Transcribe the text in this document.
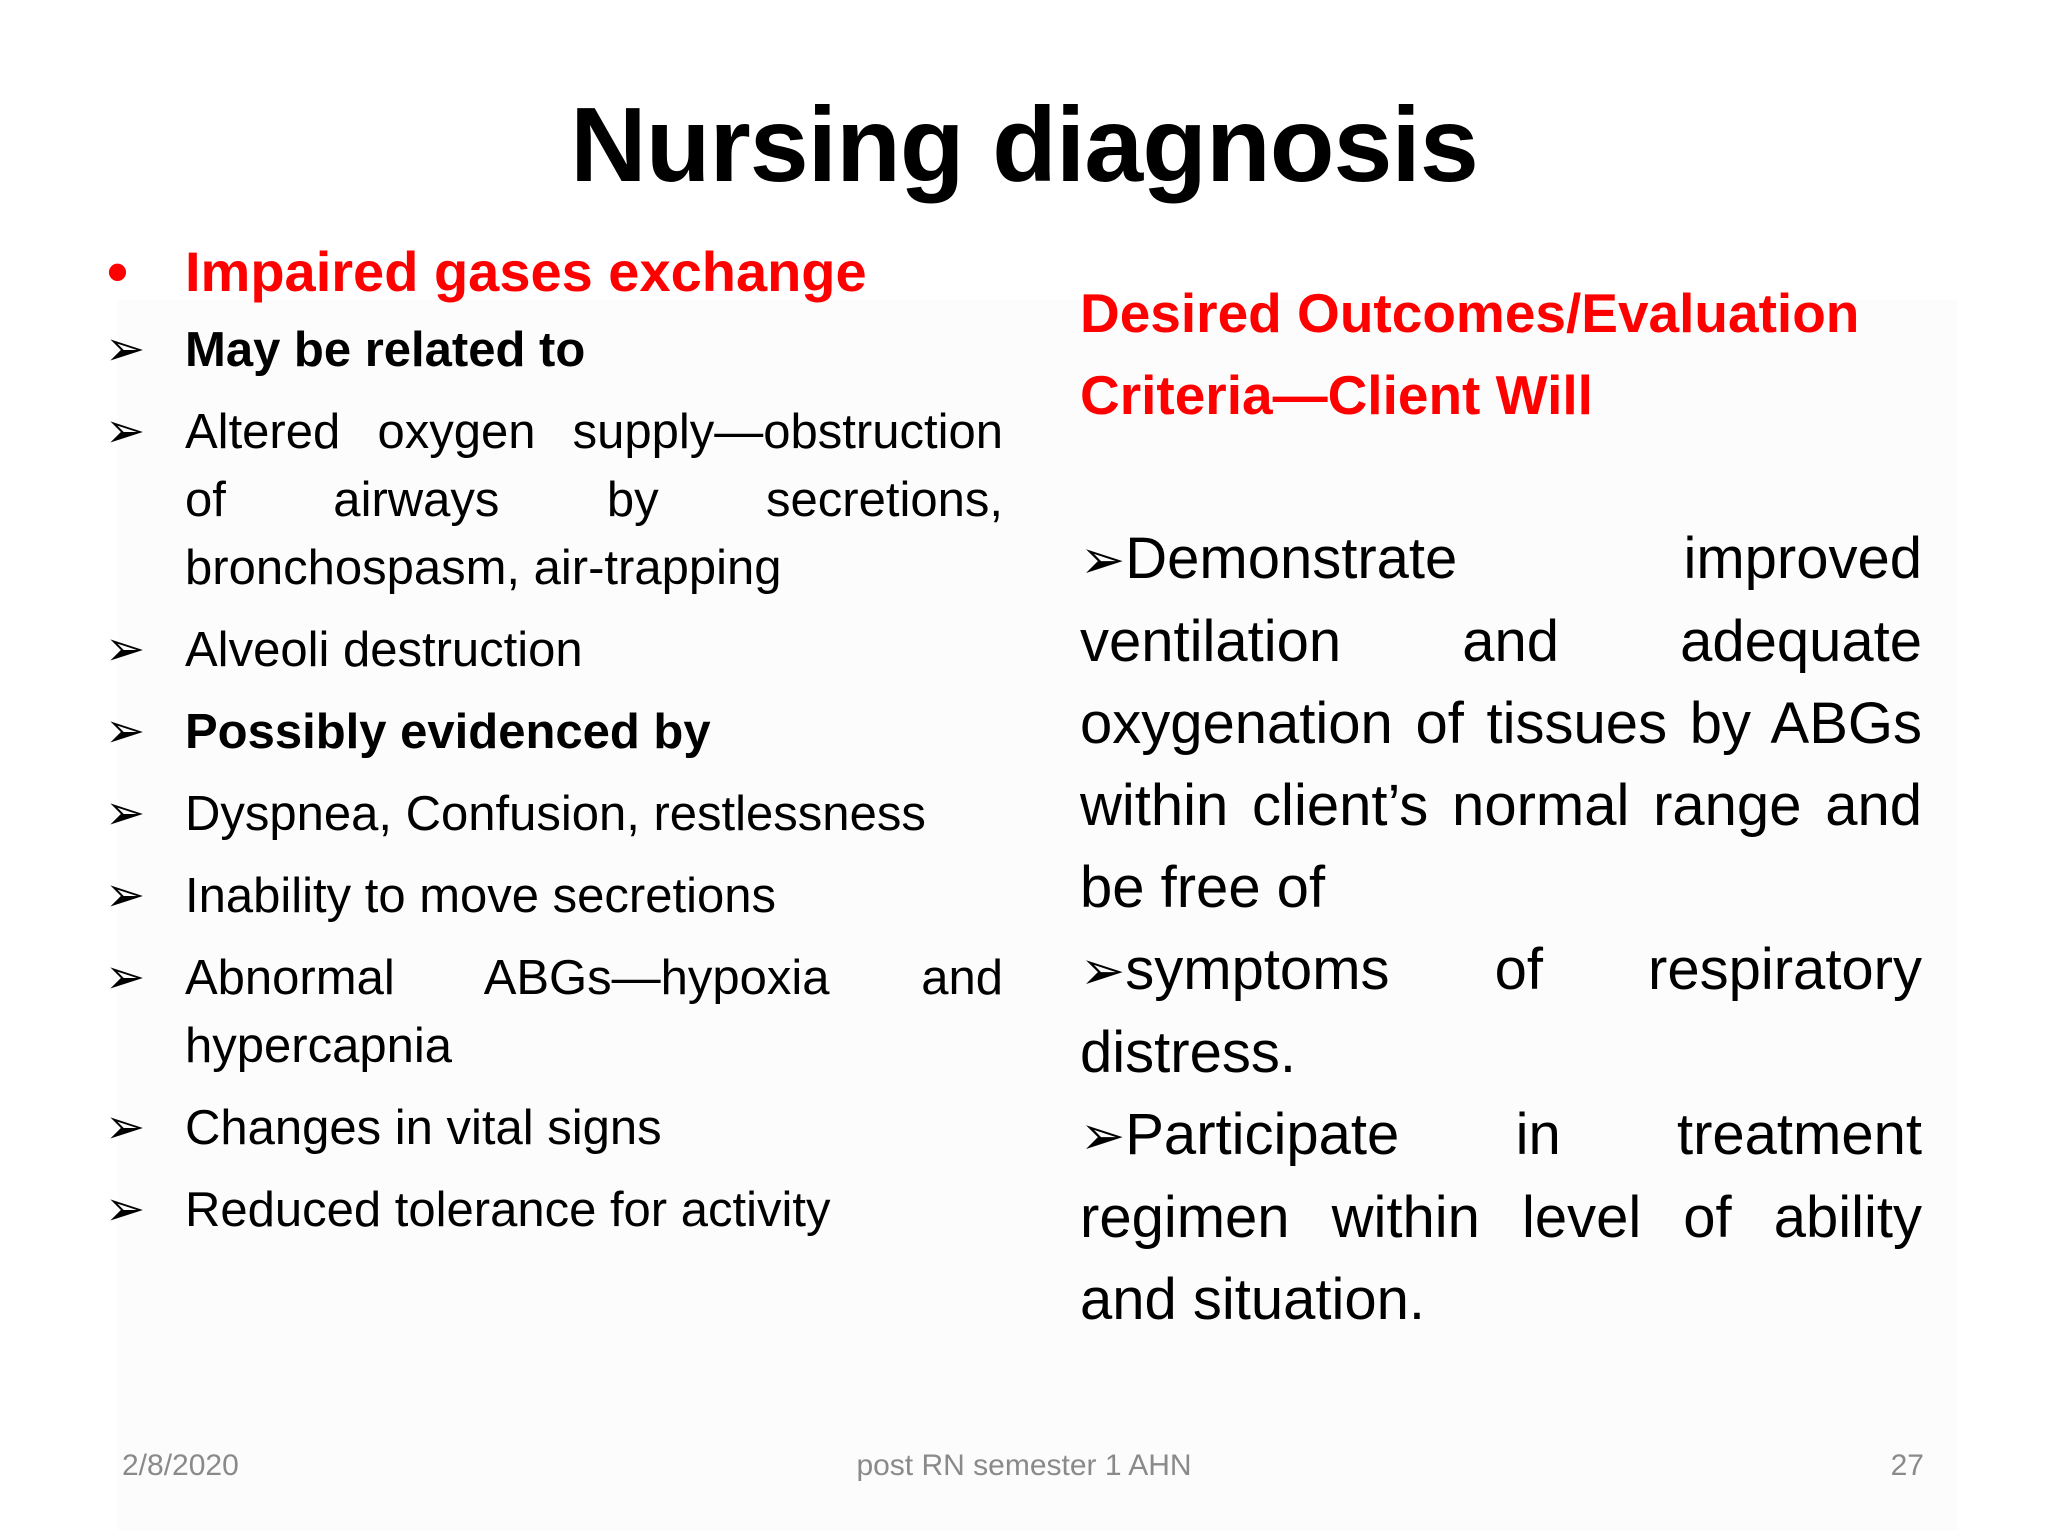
Nursing diagnosis
•	Impaired gases exchange
➢ May be related to
➢ Altered oxygen supply—obstruction of airways by secretions, bronchospasm, air-trapping
➢ Alveoli destruction
➢ Possibly evidenced by
➢ Dyspnea, Confusion, restlessness
➢ Inability to move secretions
➢ Abnormal ABGs—hypoxia and hypercapnia
➢ Changes in vital signs
➢ Reduced tolerance for activity
Desired Outcomes/Evaluation Criteria—Client Will
➢Demonstrate improved ventilation and adequate oxygenation of tissues by ABGs within client’s normal range and be free of
➢symptoms of respiratory distress.
➢Participate in treatment regimen within level of ability and situation.
2/8/2020	post RN semester 1 AHN	27
